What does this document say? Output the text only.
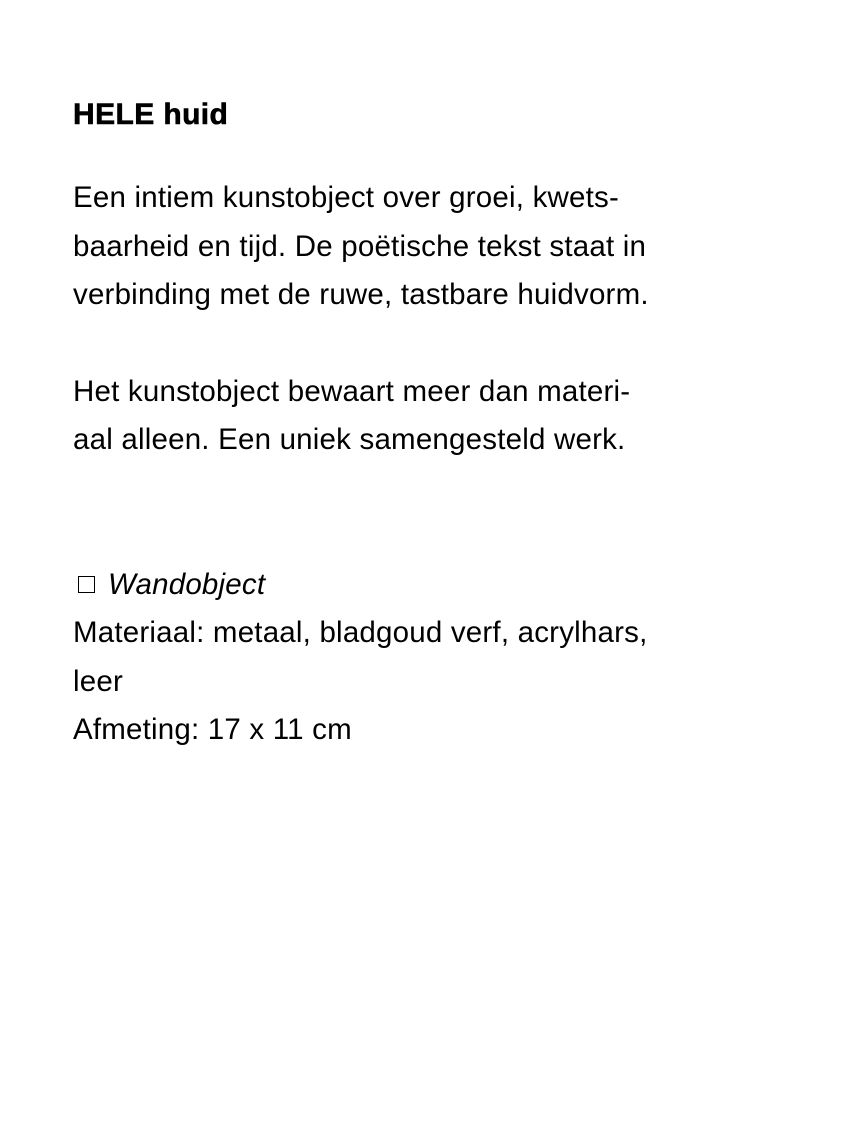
HELE huid
Een intiem kunstobject over groei, kwets-
baarheid en tijd. De poëtische tekst staat in
verbinding met de ruwe, tastbare huidvorm.
Het kunstobject bewaart meer dan materi-
aal alleen. Een uniek samengesteld werk.
Wandobject
Materiaal: metaal, bladgoud verf, acrylhars,
leer
Afmeting: 17 x 11 cm
